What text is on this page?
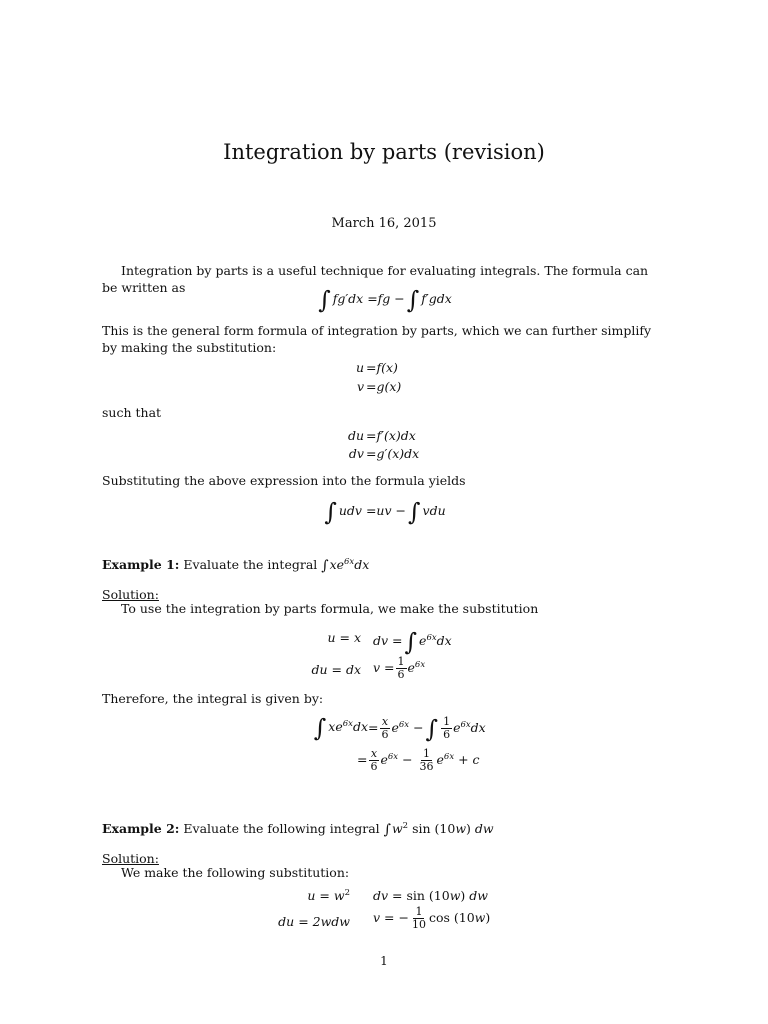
Integration by parts (revision)
March 16, 2015
Integration by parts is a useful technique for evaluating integrals. The formula can be written as	∫ fg′dx =fg −∫ f′gdx
This is the general form formula of integration by parts, which we can further simplify by making the substitution:
u =f(x)
v =g(x)
such that
du =f′(x)dx
dv =g′(x)dx
Substituting the above expression into the formula yields
∫ udv =uv −∫ vdu
Example 1: Evaluate the integral $\int xe^{6x}dx$
Solution:
To use the integration by parts formula, we make the substitution
u = x dv =∫ $e^{6x}dx$
du = dx $v = \frac{1}{6} e^{6x}$
Therefore, the integral is given by:
∫ $xe^{6x}dx = \frac{x}{6} e^{6x}$ −∫ $\frac{1}{6} e^{6x}dx$
= $\frac{x}{6} e^{6x} - \frac{1}{36} e^{6x} + c$
Example 2: Evaluate the following integral $\int w^2$ sin (10w) dw
Solution:
We make the following substitution:
$u = w^2$ dv = sin (10w) dw
du = 2wdw v = − $\frac{1}{10}$ cos (10w)
1
